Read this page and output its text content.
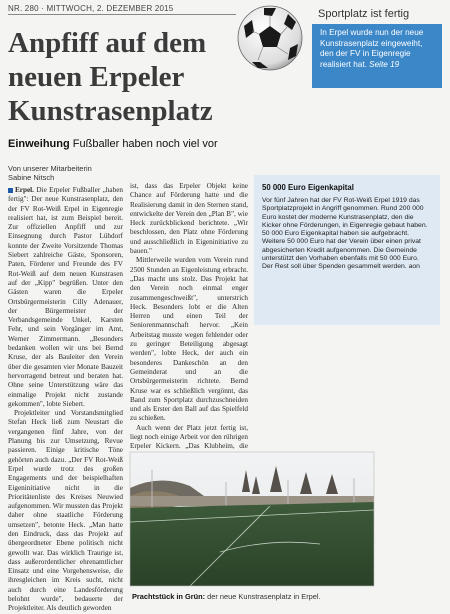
NR. 280 · MITTWOCH, 2. DEZEMBER 2015
Anpfiff auf dem neuen Erpeler Kunstrasenplatz
Einweihung Fußballer haben noch viel vor
Von unserer Mitarbeiterin
Sabine Nitsch

Erpel. Die Erpeler Fußballer „haben fertig": Der neue Kunstrasenplatz, den der FV Rot-Weiß Erpel in Eigenregie realisiert hat, ist zum Beispiel bereit. Zur offiziellen Anpfiff und zur Einsegnung durch Pastor Lühdorf konnte der Zweite Vorsitzende Thomas Siebert zahlreiche Gäste, Sponsoren, Paten, Förderer und Freunde des FV Rot-Weiß auf dem neuen Kunstrasen auf der „Kipp" begrüßen. Unter den Gästen waren die Erpeler Ortsbürgermeisterin Cilly Adenauer, der Bürgermeister der Verbandsgemeinde Unkel, Karsten Fehr, und sein Vorgänger im Amt, Werner Zimmermann. „Besonders bedanken wollen wir uns bei Bernd Kruse, der als Bauleiter den Verein über die gesamten vier Monate Bauzeit hervorragend betreut und beraten hat. Ohne seine Unterstützung wäre das einmalige Projekt nicht zustande gekommen", lobte Siebert.

Projektleiter und Vorstandsmitglied Stefan Heck ließ zum Neustart die vergangenen fünf Jahre, von der Planung bis zur Umsetzung, Revue passieren. Einige kritische Töne gehörten auch dazu. „Der FV Rot-Weiß Erpel wurde trotz des großen Engagements und der beispielhaften Eigeninitiative nicht in die Prioritätenliste des Kreises Neuwied aufgenommen. Wir mussten das Projekt daher ohne staatliche Förderung umsetzen", betonte Heck. „Man hatte den Eindruck, dass das Projekt auf übergeordneter Ebene politisch nicht gewollt war. Das wirklich Traurige ist, dass außerordentlicher ehrenamtlicher Einsatz und eine Vorgehensweise, die ihresgleichen im Kreis sucht, nicht auch durch eine Landesförderung belohnt wurde", bedauerte der Projektleiter. Als deutlich geworden

ist, dass das Erpeler Objekt keine Chance auf Förderung hatte und die Realisierung damit in den Sternen stand, entwickelte der Verein den „Plan B", wie Heck zurückblickend berichtete. „Wir beschlossen, den Platz ohne Förderung und ausschließlich in Eigeninitiative zu bauen."

Mittlerweile wurden vom Verein rund 2500 Stunden an Eigenleistung erbracht. „Das macht uns stolz. Das Projekt hat den Verein noch einmal enger zusammengeschweißt", unterstrich Heck. Besonders lobt er die Alten Herren und einen Teil der Seniorenmannschaft hervor. „Kein Arbeitstag musste wegen fehlender oder zu geringer Beteiligung abgesagt werden", lobte Heck, der auch ein besonderes Dankeschön an den Gemeinderat und an die Ortsbürgermeisterin richtete. Bernd Kruse war es schließlich vergönnt, das Band zum Sportplatz durchzuschneiden und als Erster den Ball auf das Spielfeld zu schießen.

Auch wenn der Platz jetzt fertig ist, liegt noch einige Arbeit vor den rührigen Erpeler Kickern. „Das Klubheim, die

Sportplatz ist fertig
In Erpel wurde nun der neue Kunstrasenplatz eingeweiht, den der FV in Eigenregie realisiert hat. Seite 19
50 000 Euro Eigenkapital
Vor fünf Jahren hat der FV Rot-Weiß Erpel 1919 das Sportplatzprojekt in Angriff genommen. Rund 200 000 Euro kostet der moderne Kunstrasenplatz, den die Kicker ohne Förderungen, in Eigenregie gebaut haben. 50 000 Euro Eigenkapital haben sie aufgebracht. Weitere 50 000 Euro hat der Verein über einen privat abgesicherten Kredit aufgenommen. Die Gemeinde unterstützt den Vorhaben ebenfalls mit 50 000 Euro. Der Rest soll über Spenden gesammelt werden. aon
Prachtstück in Grün: der neue Kunstrasenplatz in Erpel.
